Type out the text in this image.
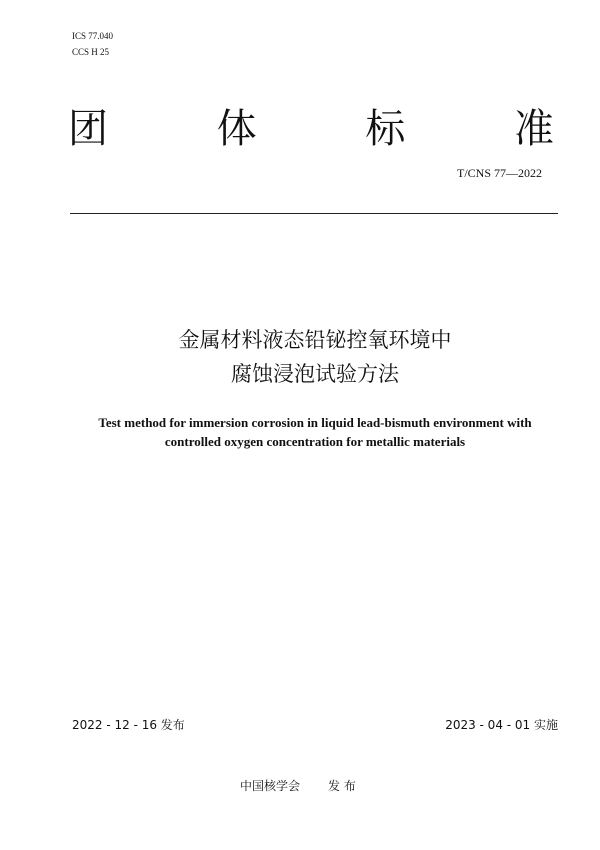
ICS 77.040
CCS H 25
团	体	标	准
T/CNS 77—2022
金属材料液态铅铋控氧环境中
腐蚀浸泡试验方法
Test method for immersion corrosion in liquid lead-bismuth environment with
controlled oxygen concentration for metallic materials
2022 - 12 - 16 发布	2023 - 04 - 01 实施
中国核学会 发 布
